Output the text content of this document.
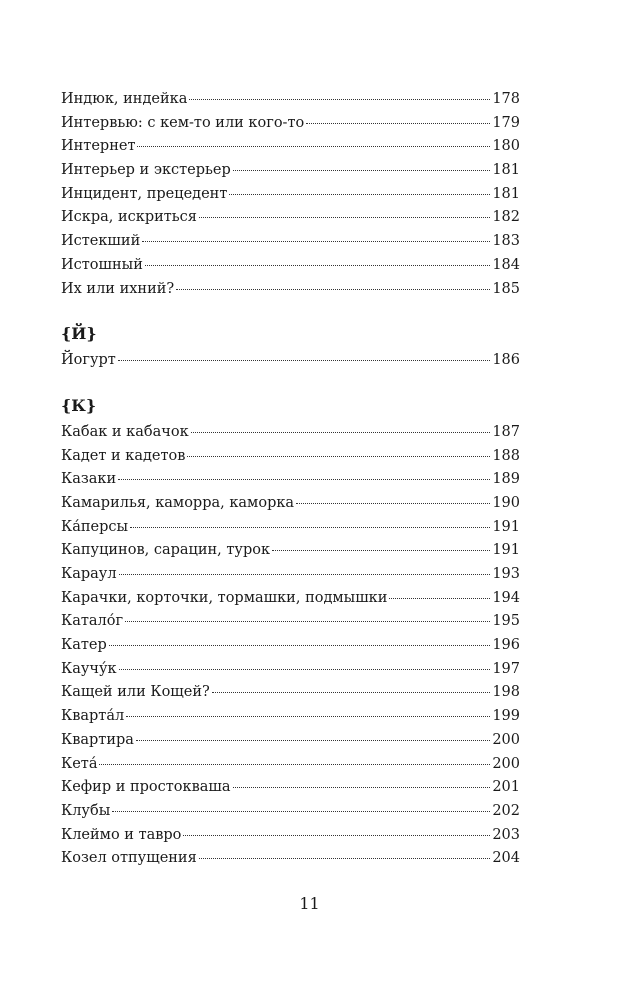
Индюк, индейка	178
Интервью: с кем-то или кого-то	179
Интернет	180
Интерьер и экстерьер	181
Инцидент, прецедент	181
Искра, искриться	182
Истекший	183
Истошный	184
Их или ихний?	185
{Й}
Йогурт	186
{К}
Кабак и кабачок	187
Кадет и кадетов	188
Казаки	189
Камарилья, каморра, каморка	190
Ка́персы	191
Капуцинов, сарацин, турок	191
Караул	193
Карачки, корточки, тормашки, подмышки	194
Катало́г	195
Катер	196
Каучу́к	197
Кащей или Кощей?	198
Кварта́л	199
Квартира	200
Кета́	200
Кефир и простокваша	201
Клубы	202
Клеймо и тавро	203
Козел отпущения	204
11
